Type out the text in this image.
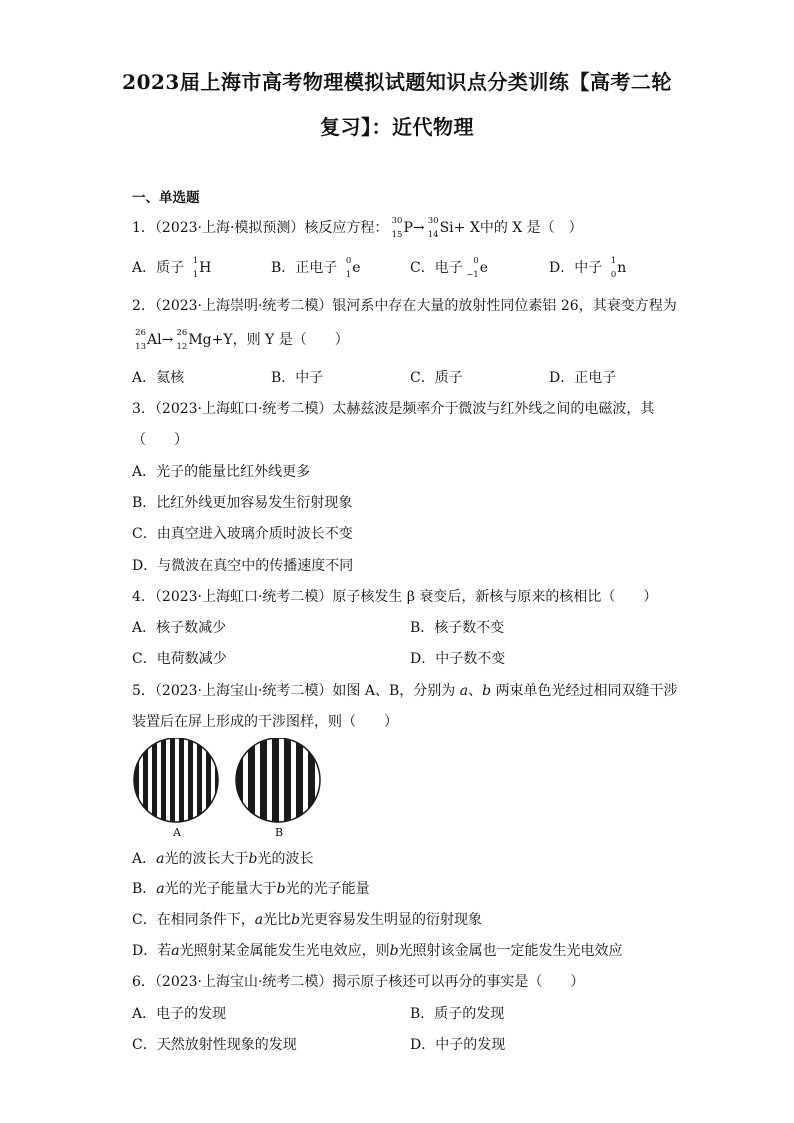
2023届上海市高考物理模拟试题知识点分类训练【高考二轮
复习】：近代物理
一、单选题
1．（2023·上海·模拟预测）核反应方程： 30
15 P→ 30
14 Si+ X中的 X 是（　）
A．质子 1
1 H	B．正电子 0
1 e	C．电子 0
−1 e	D．中子 1
0 n
2．（2023·上海崇明·统考二模）银河系中存在大量的放射性同位素铝 26，其衰变方程为
26
13 Al→ 26
12 Mg+Y，则 Y 是（　　）
A．氦核	B．中子	C．质子	D．正电子
3．（2023·上海虹口·统考二模）太赫兹波是频率介于微波与红外线之间的电磁波，其
（　　）
A．光子的能量比红外线更多
B．比红外线更加容易发生衍射现象
C．由真空进入玻璃介质时波长不变
D．与微波在真空中的传播速度不同
4．（2023·上海虹口·统考二模）原子核发生 β 衰变后，新核与原来的核相比（　　）
A．核子数减少	B．核子数不变
C．电荷数减少	D．中子数不变
5．（2023·上海宝山·统考二模）如图 A、B，分别为 a、b 两束单色光经过相同双缝干涉
装置后在屏上形成的干涉图样，则（　　）
A	B
A．a光的波长大于b光的波长
B．a光的光子能量大于b光的光子能量
C．在相同条件下，a光比b光更容易发生明显的衍射现象
D．若a光照射某金属能发生光电效应，则b光照射该金属也一定能发生光电效应
6．（2023·上海宝山·统考二模）揭示原子核还可以再分的事实是（　　）
A．电子的发现	B．质子的发现
C．天然放射性现象的发现	D．中子的发现
